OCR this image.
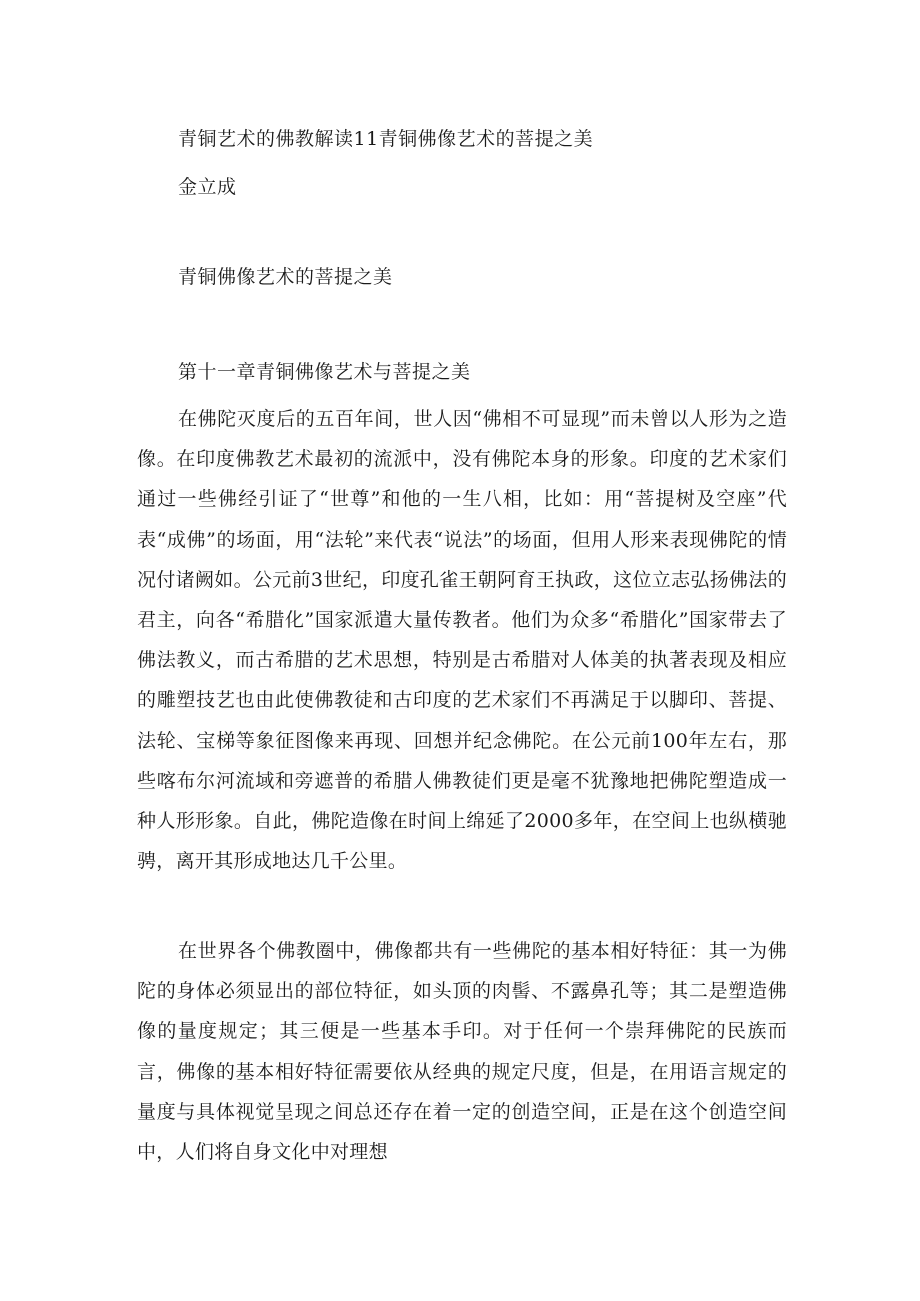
青铜艺术的佛教解读11青铜佛像艺术的菩提之美
金立成
青铜佛像艺术的菩提之美
第十一章青铜佛像艺术与菩提之美

在佛陀灭度后的五百年间，世人因“佛相不可显现”而未曾以人形为之造像。在印度佛教艺术最初的流派中，没有佛陀本身的形象。印度的艺术家们通过一些佛经引证了“世尊”和他的一生八相，比如：用“菩提树及空座”代表“成佛”的场面，用“法轮”来代表“说法”的场面，但用人形来表现佛陀的情况付诸阙如。公元前3世纪，印度孔雀王朝阿育王执政，这位立志弘扬佛法的君主，向各“希腊化”国家派遣大量传教者。他们为众多“希腊化”国家带去了佛法教义，而古希腊的艺术思想，特别是古希腊对人体美的执著表现及相应的雕塑技艺也由此使佛教徒和古印度的艺术家们不再满足于以脚印、菩提、法轮、宝梯等象征图像来再现、回想并纪念佛陀。在公元前100年左右，那些喀布尔河流域和旁遮普的希腊人佛教徒们更是毫不犹豫地把佛陀塑造成一种人形形象。自此，佛陀造像在时间上绵延了2000多年，在空间上也纵横驰骋，离开其形成地达几千公里。

在世界各个佛教圈中，佛像都共有一些佛陀的基本相好特征：其一为佛陀的身体必须显出的部位特征，如头顶的肉髻、不露鼻孔等；其二是塑造佛像的量度规定；其三便是一些基本手印。对于任何一个崇拜佛陀的民族而言，佛像的基本相好特征需要依从经典的规定尺度，但是，在用语言规定的量度与具体视觉呈现之间总还存在着一定的创造空间，正是在这个创造空间中，人们将自身文化中对理想
